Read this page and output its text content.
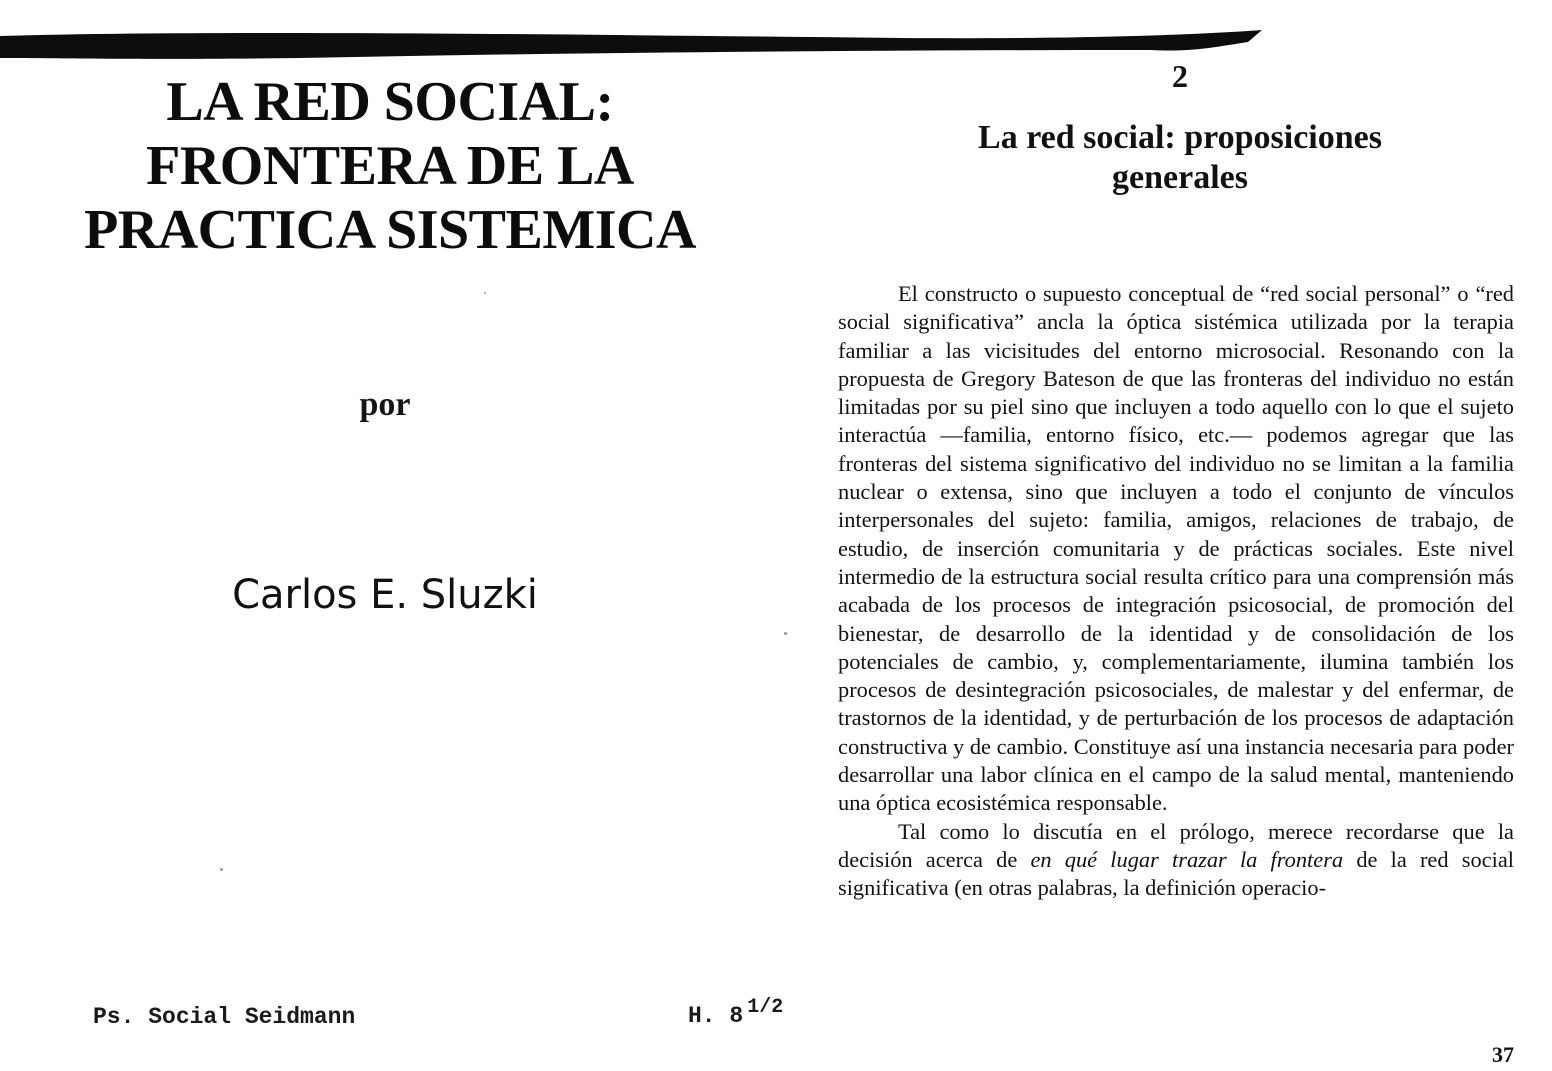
LA RED SOCIAL:
FRONTERA DE LA
PRACTICA SISTEMICA
por
Carlos E. Sluzki
Ps. Social Seidmann	H. 8 $^{1/2}$
2
La red social: proposiciones generales

El constructo o supuesto conceptual de “red social personal” o “red social significativa” ancla la óptica sistémica utilizada por la terapia familiar a las vicisitudes del entorno microsocial. Resonando con la propuesta de Gregory Bateson de que las fronteras del individuo no están limitadas por su piel sino que incluyen a todo aquello con lo que el sujeto interactúa —familia, entorno físico, etc.— podemos agregar que las fronteras del sistema significativo del individuo no se limitan a la familia nuclear o extensa, sino que incluyen a todo el conjunto de vínculos interpersonales del sujeto: familia, amigos, relaciones de trabajo, de estudio, de inserción comunitaria y de prácticas sociales. Este nivel intermedio de la estructura social resulta crítico para una comprensión más acabada de los procesos de integración psicosocial, de promoción del bienestar, de desarrollo de la identidad y de consolidación de los potenciales de cambio, y, complementariamente, ilumina también los procesos de desintegración psicosociales, de malestar y del enfermar, de trastornos de la identidad, y de perturbación de los procesos de adaptación constructiva y de cambio. Constituye así una instancia necesaria para poder desarrollar una labor clínica en el campo de la salud mental, manteniendo una óptica ecosistémica responsable.

Tal como lo discutía en el prólogo, merece recordarse que la decisión acerca de en qué lugar trazar la frontera de la red social significativa (en otras palabras, la definición operacio-

37
